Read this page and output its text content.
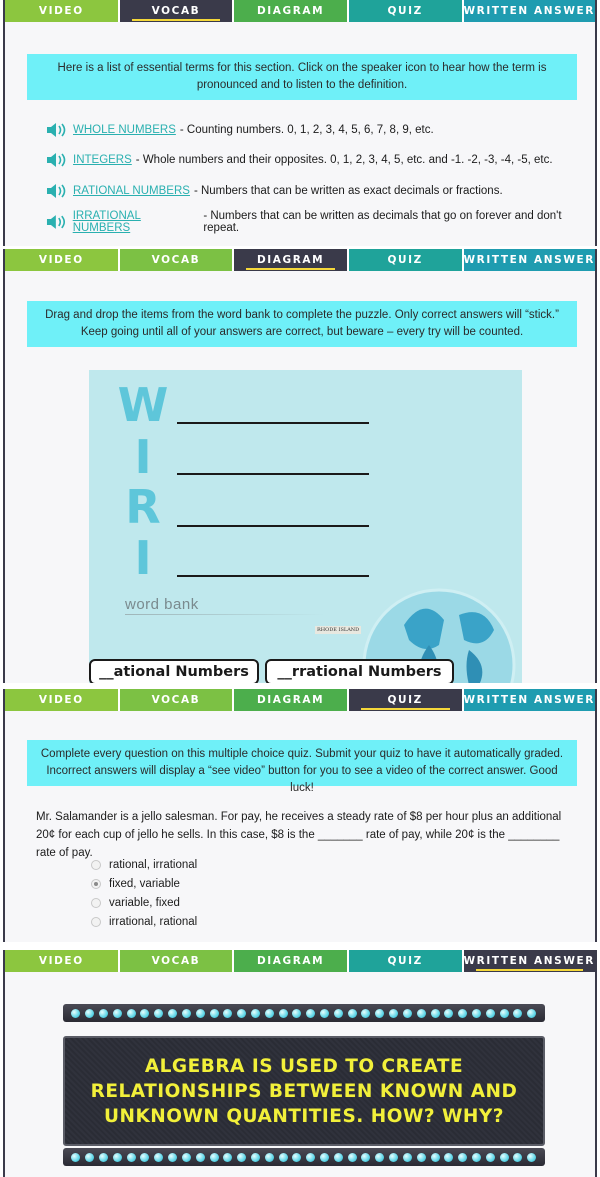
VIDEO	VOCAB	DIAGRAM	QUIZ	WRITTEN ANSWER
Here is a list of essential terms for this section. Click on the speaker icon to hear how the term is pronounced and to listen to the definition.
WHOLE NUMBERS - Counting numbers. 0, 1, 2, 3, 4, 5, 6, 7, 8, 9, etc.
INTEGERS - Whole numbers and their opposites. 0, 1, 2, 3, 4, 5, etc. and -1. -2, -3, -4, -5, etc.
RATIONAL NUMBERS - Numbers that can be written as exact decimals or fractions.
IRRATIONAL NUMBERS
- Numbers that can be written as decimals that go on forever and don't repeat.
VIDEO	VOCAB	DIAGRAM	QUIZ	WRITTEN ANSWER
Drag and drop the items from the word bank to complete the puzzle. Only correct answers will “stick.” Keep going until all of your answers are correct, but beware – every try will be counted.
W
I
R
I
word bank
RHODE ISLAND
__ational Numbers	__rrational Numbers
VIDEO	VOCAB	DIAGRAM	QUIZ	WRITTEN ANSWER
Complete every question on this multiple choice quiz. Submit your quiz to have it automatically graded. Incorrect answers will display a “see video” button for you to see a video of the correct answer. Good luck!
Mr. Salamander is a jello salesman. For pay, he receives a steady rate of $8 per hour plus an additional 20¢ for each cup of jello he sells. In this case, $8 is the _______ rate of pay, while 20¢ is the ________ rate of pay.
rational, irrational
fixed, variable
variable, fixed
irrational, rational
VIDEO	VOCAB	DIAGRAM	QUIZ	WRITTEN ANSWER
ALGEBRA IS USED TO CREATE RELATIONSHIPS BETWEEN KNOWN AND UNKNOWN QUANTITIES. HOW? WHY?
